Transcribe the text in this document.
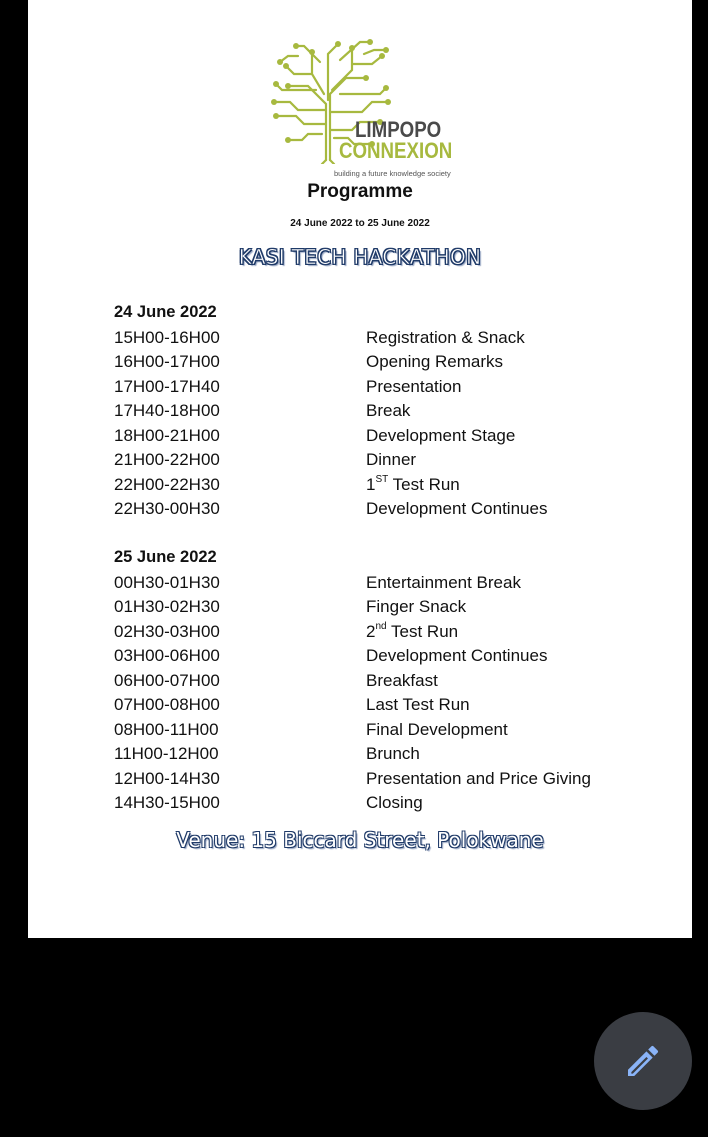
LIMPOPO
CONNEXION
building a future knowledge society
Programme
24 June 2022 to 25 June 2022
KASI TECH HACKATHON
24 June 2022
15H00-16H00	Registration & Snack
16H00-17H00	Opening Remarks
17H00-17H40	Presentation
17H40-18H00	Break
18H00-21H00	Development Stage
21H00-22H00	Dinner
22H00-22H30	1ST Test Run
22H30-00H30	Development Continues
25 June 2022
00H30-01H30	Entertainment Break
01H30-02H30	Finger Snack
02H30-03H00	2nd Test Run
03H00-06H00	Development Continues
06H00-07H00	Breakfast
07H00-08H00	Last Test Run
08H00-11H00	Final Development
11H00-12H00	Brunch
12H00-14H30	Presentation and Price Giving
14H30-15H00	Closing
Venue: 15 Biccard Street, Polokwane
